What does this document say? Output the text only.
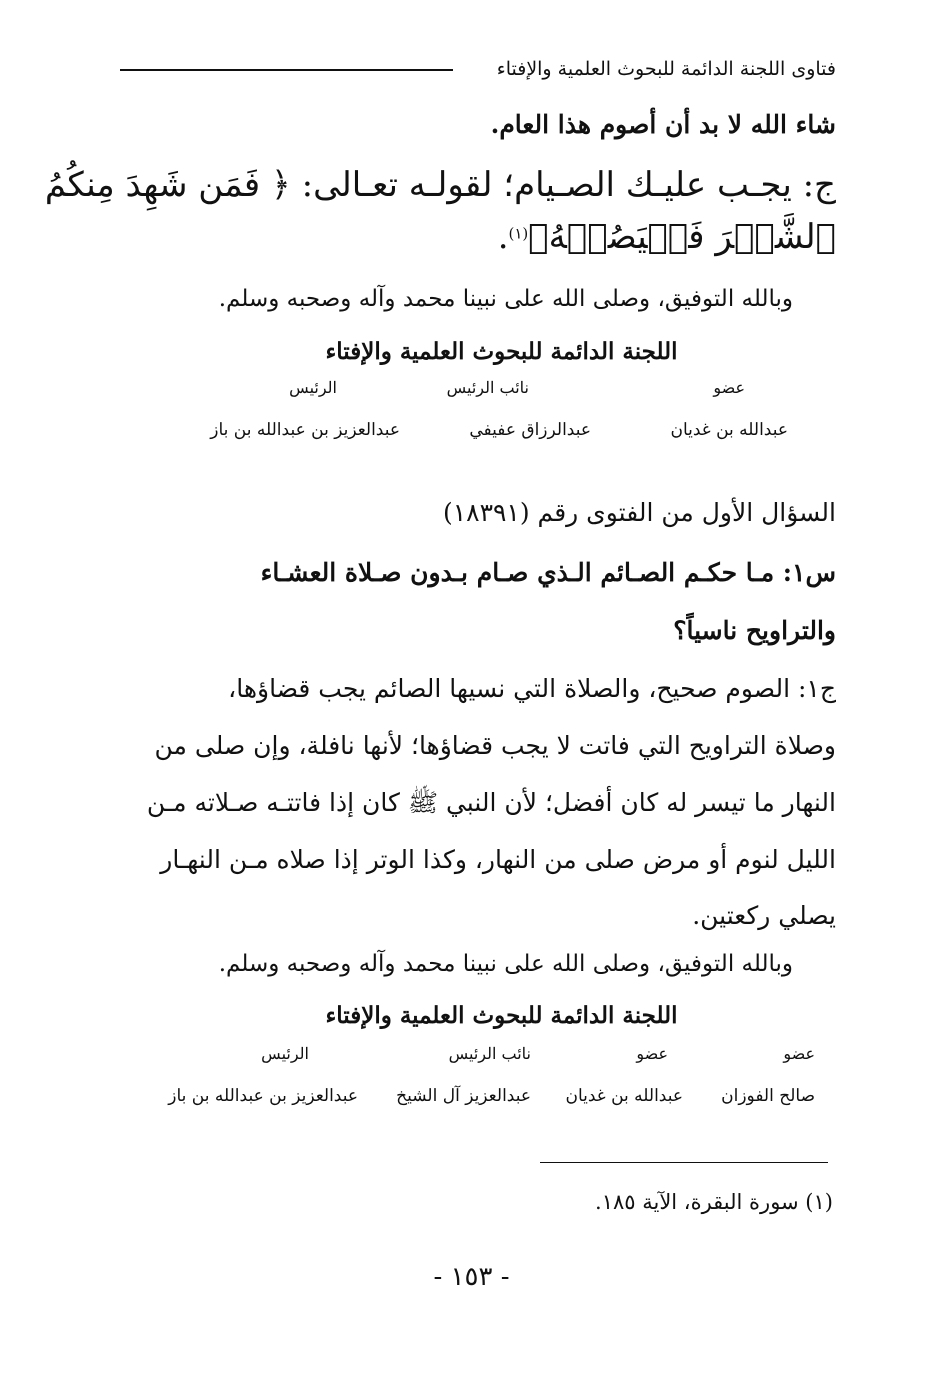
فتاوى اللجنة الدائمة للبحوث العلمية والإفتاء
شاء الله لا بد أن أصوم هذا العام.
ج: يجـب عليـك الصـيام؛ لقولـه تعـالى: ﴿ فَمَن شَهِدَ مِنكُمُ
ٱلشَّهۡرَ فَلۡيَصُمۡهُ﴾$^{(١)}$.
وبالله التوفيق، وصلى الله على نبينا محمد وآله وصحبه وسلم.
اللجنة الدائمة للبحوث العلمية والإفتاء
عضو
نائب الرئيس
الرئيس
عبدالله بن غديان
عبدالرزاق عفيفي
عبدالعزيز بن عبدالله بن باز
السؤال الأول من الفتوى رقم (١٨٣٩١)
س١: مـا حكـم الصـائم الـذي صـام بـدون صـلاة العشـاء
والتراويح ناسياً؟
ج١: الصوم صحيح، والصلاة التي نسيها الصائم يجب قضاؤها،
وصلاة التراويح التي فاتت لا يجب قضاؤها؛ لأنها نافلة، وإن صلى من
النهار ما تيسر له كان أفضل؛ لأن النبي ﷺ كان إذا فاتتـه صـلاته مـن
الليل لنوم أو مرض صلى من النهار، وكذا الوتر إذا صلاه مـن النهـار
يصلي ركعتين.
وبالله التوفيق، وصلى الله على نبينا محمد وآله وصحبه وسلم.
اللجنة الدائمة للبحوث العلمية والإفتاء
عضو
عضو
نائب الرئيس
الرئيس
صالح الفوزان
عبدالله بن غديان
عبدالعزيز آل الشيخ
عبدالعزيز بن عبدالله بن باز
(١) سورة البقرة، الآية ١٨٥.
- ١٥٣ -
